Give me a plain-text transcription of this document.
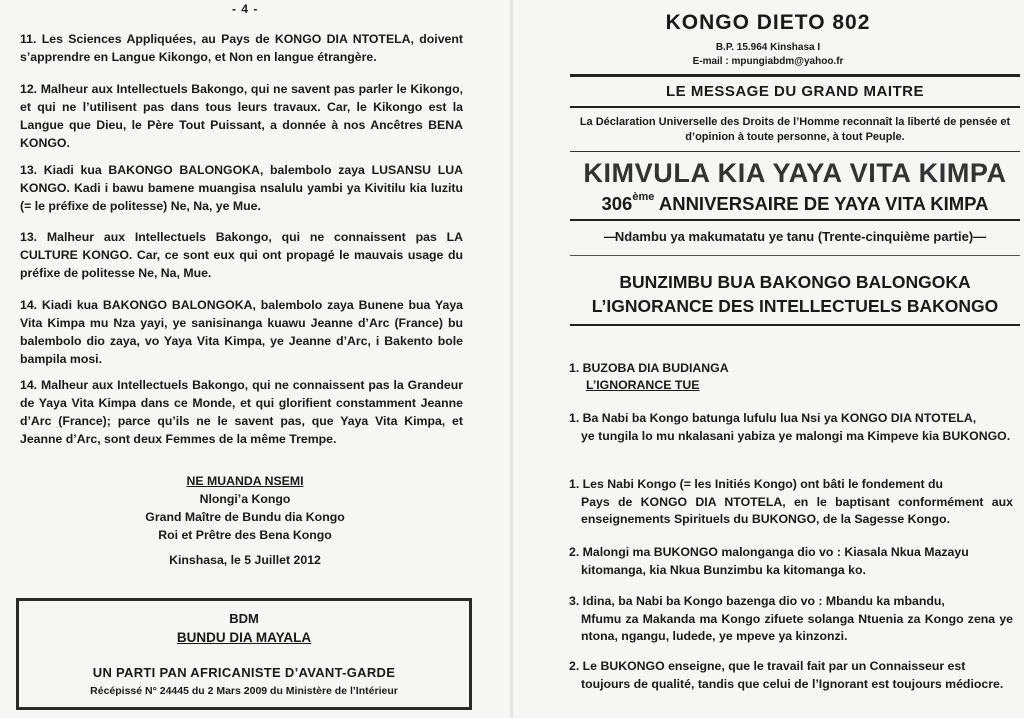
- 4 -

11. Les Sciences Appliquées, au Pays de KONGO DIA NTOTELA, doivent s’apprendre en Langue Kikongo, et Non en langue étrangère.

12. Malheur aux Intellectuels Bakongo, qui ne savent pas parler le Kikongo, et qui ne l’utilisent pas dans tous leurs travaux. Car, le Kikongo est la Langue que Dieu, le Père Tout Puissant, a donnée à nos Ancêtres BENA KONGO.

13. Kiadi kua BAKONGO BALONGOKA, balembolo zaya LUSANSU LUA KONGO. Kadi i bawu bamene muangisa nsalulu yambi ya Kivitilu kia luzitu (= le préfixe de politesse) Ne, Na, ye Mue.

13. Malheur aux Intellectuels Bakongo, qui ne connaissent pas LA CULTURE KONGO. Car, ce sont eux qui ont propagé le mauvais usage du préfixe de politesse Ne, Na, Mue.

14. Kiadi kua BAKONGO BALONGOKA, balembolo zaya Bunene bua Yaya Vita Kimpa mu Nza yayi, ye sanisinanga kuawu Jeanne d’Arc (France) bu balembolo dio zaya, vo Yaya Vita Kimpa, ye Jeanne d’Arc, i Bakento bole bampila mosi.

14. Malheur aux Intellectuels Bakongo, qui ne connaissent pas la Grandeur de Yaya Vita Kimpa dans ce Monde, et qui glorifient constamment Jeanne d’Arc (France); parce qu’ils ne le savent pas, que Yaya Vita Kimpa, et Jeanne d’Arc, sont deux Femmes de la même Trempe.

NE MUANDA NSEMI
Nlongi’a Kongo
Grand Maître de Bundu dia Kongo
Roi et Prêtre des Bena Kongo
Kinshasa, le 5 Juillet 2012
BDM
BUNDU DIA MAYALA
UN PARTI PAN AFRICANISTE D’AVANT-GARDE
Récépissé N° 24445 du 2 Mars 2009 du Ministère de l’Intérieur
KONGO DIETO 802
B.P. 15.964 Kinshasa I
E-mail : mpungiabdm@yahoo.fr
LE MESSAGE DU GRAND MAITRE
La Déclaration Universelle des Droits de l’Homme reconnaît la liberté de pensée et d’opinion à toute personne, à tout Peuple.
KIMVULA KIA YAYA VITA KIMPA
306ème ANNIVERSAIRE DE YAYA VITA KIMPA
—Ndambu ya makumatatu ye tanu (Trente-cinquième partie)—
BUNZIMBU BUA BAKONGO BALONGOKA
L’IGNORANCE DES INTELLECTUELS BAKONGO
1. BUZOBA DIA BUDIANGA
L’IGNORANCE TUE

1. Ba Nabi ba Kongo batunga lufulu lua Nsi ya KONGO DIA NTOTELA,
ye tungila lo mu nkalasani yabiza ye malongi ma Kimpeve kia BUKONGO.

1. Les Nabi Kongo (= les Initiés Kongo) ont bâti le fondement du
Pays de KONGO DIA NTOTELA, en le baptisant conformément aux enseignements Spirituels du BUKONGO, de la Sagesse Kongo.

2. Malongi ma BUKONGO malonganga dio vo : Kiasala Nkua Mazayu
kitomanga, kia Nkua Bunzimbu ka kitomanga ko.

3. Idina, ba Nabi ba Kongo bazenga dio vo : Mbandu ka mbandu,
Mfumu za Makanda ma Kongo zifuete solanga Ntuenia za Kongo zena ye ntona, ngangu, ludede, ye mpeve ya kinzonzi.

2. Le BUKONGO enseigne, que le travail fait par un Connaisseur est
toujours de qualité, tandis que celui de l’Ignorant est toujours médiocre.
